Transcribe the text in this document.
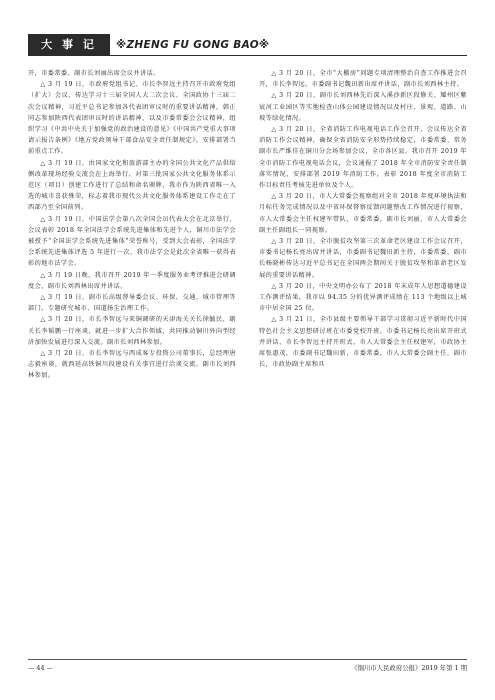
大 事 记	※ZHENG FU GONG BAO※

开，市委常委、副市长刘丽出席会议并讲话。

△ 3 月 19 日，市政府党组书记、市长李智远主持召开市政府党组（扩大）会议，传达学习十三届全国人大二次会议、全国政协十三届二次会议精神，习近平总书记参加各代表团审议时的重要讲话精神，韩正同志参加陕西代表团审议时的讲话精神，以及市委常委会会议精神，组织学习《中共中央关于加强党的政治建设的意见》《中国共产党重大事项请示报告条例》《地方党政领导干部食品安全责任制规定》，安排部署当前重点工作。

△ 3 月 19 日，由国家文化和旅游部主办的全国公共文化产品供给侧改革现场经验交流会在上海举行，对第三批国家公共文化服务体系示范区（项目）创建工作进行了总结和命名颁牌，我市作为陕西省唯一入选的城市喜获殊荣，标志着我市现代公共文化服务体系建设工作走在了西部乃至全国前列。

△ 3 月 19 日，中国法学会第八次全国会员代表大会在北京举行，会议表彰 2018 年全国法学会系统先进集体和先进个人，铜川市法学会被授予“全国法学会系统先进集体”荣誉称号，受到大会表彰，全国法学会系统先进集体评选 5 年进行一次，我市法学会是此次全省唯一获得表彰的地市法学会。

△ 3 月 19 日晚，我市召开 2019 年一季度服务业考评推进会研调度会，副市长刘西林出席并讲话。

△ 3 月 19 日，副市长高级督导委会议、环保、交通、城市管理等部门，专题研究城市、国道扬尘治理工作。

△ 3 月 20 日，市长李智远与来铜调研的天津海关关长徐毓民，副关长李韬鹏一行座谈，就进一步扩大合作领域，共同推动铜川外向型经济加快发展进行深入交流。副市长刘西林参加。

△ 3 月 20 日，市长李智远与西成客专投资公司董事长，总经理唐志毅座谈，就西延高铁铜川段建设有关事宜进行洽谈交流。副市长刘西林参加。

△ 3 月 20 日，全市“大棚房”问题专项清理整治自查工作推进会召开，市长李智远，市委副书记魏田新出席并讲话，副市长刘西林主持。

△ 3 月 20 日，副市长刘西林先后深入溪沙新区段修关、耀州区紫宸河工业园区等实地检查山体公园建设情况以及村庄、景观、道路、山坡等绿化情况。

△ 3 月 20 日，全省消防工作电视电话工作会召开，会议传达全省消防工作会议精神，确保全省消防安全形势持续稳定，市委常委、常务副市长严维佳在铜川分会场参加会议，全市各区县。我市召开 2019 年全市消防工作电视电话会议，会议通报了 2018 年全市消防安全责任制落实情况，安排部署 2019 年消防工作，表彰 2018 年度全市消防工作目标责任考核先进单位及个人。

△ 3 月 20 日，市人大常委会视察组对全市 2018 年度环境执法和月标任务完成情况以及中省环保督察反馈问题整改工作情况进行视察，市人大常委会主任权建军带队，市委常委，副市长刘丽，市人大常委会副主任副组长一同视察。

△ 3 月 20 日，全市脱贫攻坚第三次革命老区建设工作会议召开，市委书记杨长亮出席并讲话，市委副书记魏田新主持，市委常委，副市长杨晓彬传达习近平总书记在全国两会期间关于脱贫攻坚和革命老区发展的重要讲话精神。

△ 3 月 20 日，中央文明办公布了 2018 年末成年人思想道德建设工作测评结果，我市以 94.35 分的优异测评成绩在 113 个地级以上城市中居全国 25 位。

△ 3 月 21 日，全市县级主要领导干部学习贯彻习近平新时代中国特色社会主义思想研讨班在市委党校开班，市委书记杨长亮出席开班式并讲话，市长李智远主持开班式，市人大常委会主任权建军，市政协主席张惠茂，市委副书记魏田新，市委常委，市人大常委会副主任，副市长，市政协副主席和具

— 44 —	《铜川市人民政府公报》2019 年第 1 期
